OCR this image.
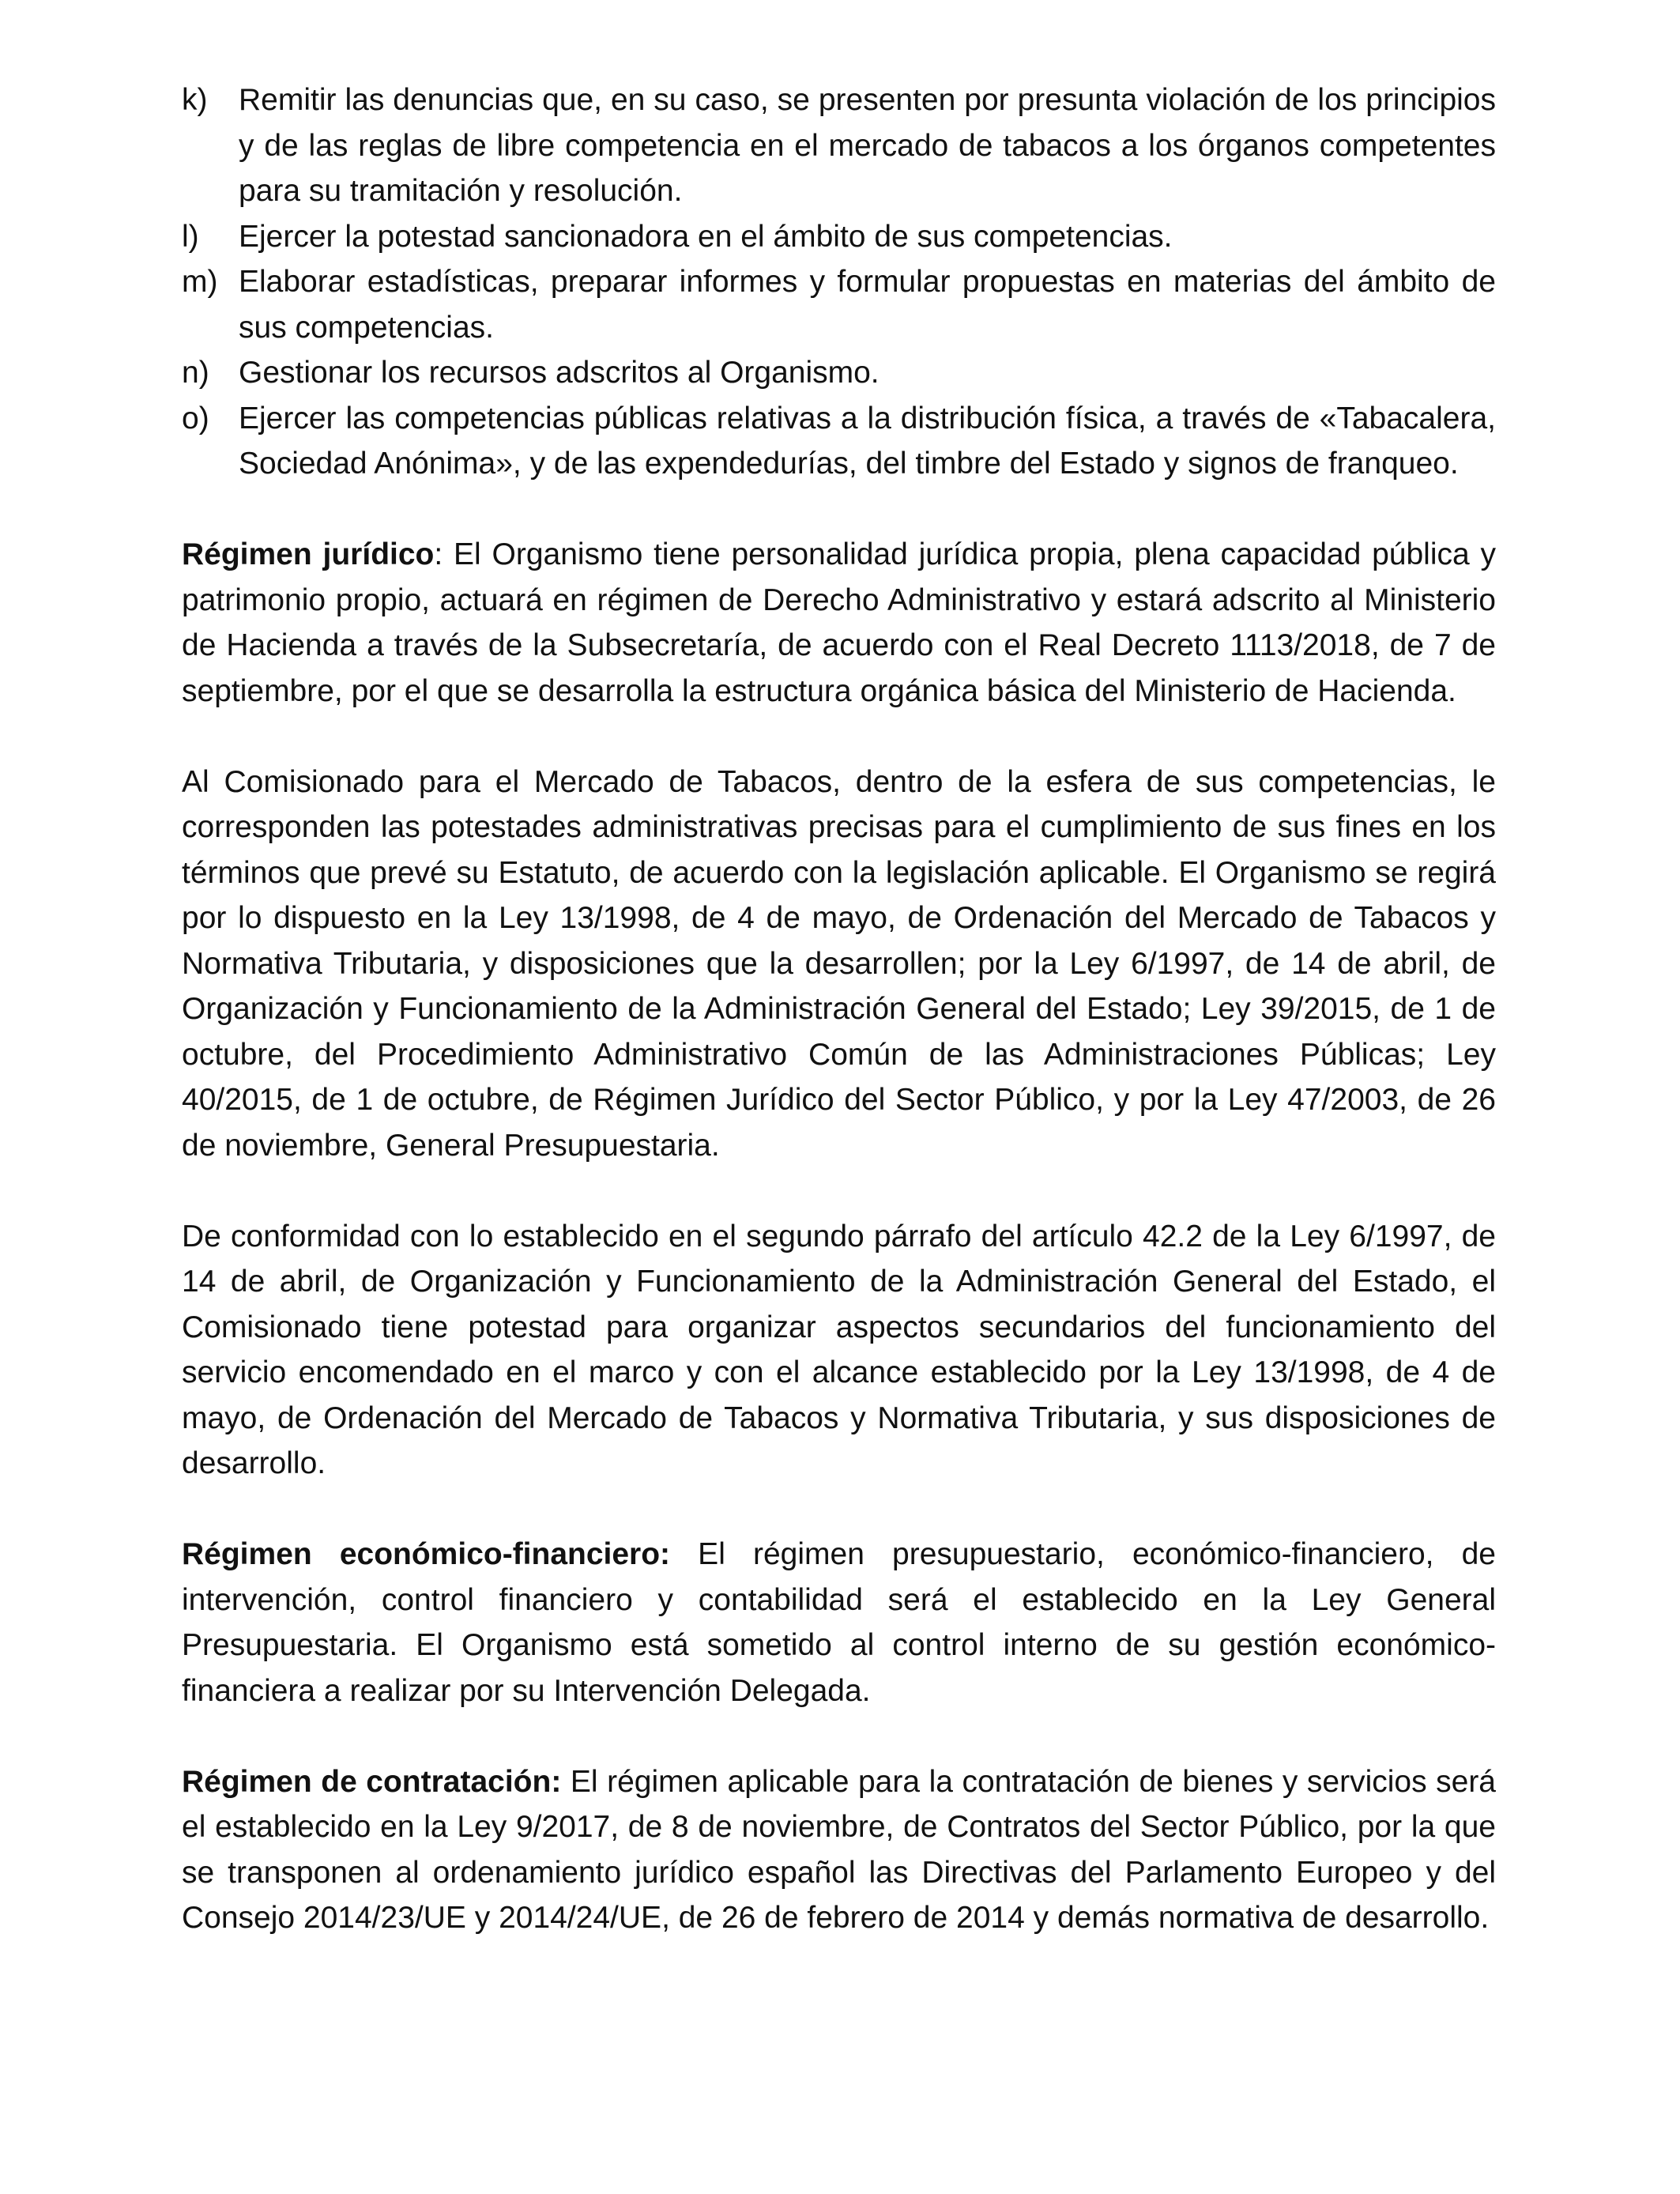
k) Remitir las denuncias que, en su caso, se presenten por presunta violación de los principios y de las reglas de libre competencia en el mercado de tabacos a los órganos competentes para su tramitación y resolución.
l) Ejercer la potestad sancionadora en el ámbito de sus competencias.
m) Elaborar estadísticas, preparar informes y formular propuestas en materias del ámbito de sus competencias.
n) Gestionar los recursos adscritos al Organismo.
o) Ejercer las competencias públicas relativas a la distribución física, a través de «Tabacalera, Sociedad Anónima», y de las expendedurías, del timbre del Estado y signos de franqueo.

Régimen jurídico: El Organismo tiene personalidad jurídica propia, plena capacidad pública y patrimonio propio, actuará en régimen de Derecho Administrativo y estará adscrito al Ministerio de Hacienda a través de la Subsecretaría, de acuerdo con el Real Decreto 1113/2018, de 7 de septiembre, por el que se desarrolla la estructura orgánica básica del Ministerio de Hacienda.

Al Comisionado para el Mercado de Tabacos, dentro de la esfera de sus competencias, le corresponden las potestades administrativas precisas para el cumplimiento de sus fines en los términos que prevé su Estatuto, de acuerdo con la legislación aplicable. El Organismo se regirá por lo dispuesto en la Ley 13/1998, de 4 de mayo, de Ordenación del Mercado de Tabacos y Normativa Tributaria, y disposiciones que la desarrollen; por la Ley 6/1997, de 14 de abril, de Organización y Funcionamiento de la Administración General del Estado; Ley 39/2015, de 1 de octubre, del Procedimiento Administrativo Común de las Administraciones Públicas; Ley 40/2015, de 1 de octubre, de Régimen Jurídico del Sector Público, y por la Ley 47/2003, de 26 de noviembre, General Presupuestaria.

De conformidad con lo establecido en el segundo párrafo del artículo 42.2 de la Ley 6/1997, de 14 de abril, de Organización y Funcionamiento de la Administración General del Estado, el Comisionado tiene potestad para organizar aspectos secundarios del funcionamiento del servicio encomendado en el marco y con el alcance establecido por la Ley 13/1998, de 4 de mayo, de Ordenación del Mercado de Tabacos y Normativa Tributaria, y sus disposiciones de desarrollo.

Régimen económico-financiero: El régimen presupuestario, económico-financiero, de intervención, control financiero y contabilidad será el establecido en la Ley General Presupuestaria. El Organismo está sometido al control interno de su gestión económico-financiera a realizar por su Intervención Delegada.

Régimen de contratación: El régimen aplicable para la contratación de bienes y servicios será el establecido en la Ley 9/2017, de 8 de noviembre, de Contratos del Sector Público, por la que se transponen al ordenamiento jurídico español las Directivas del Parlamento Europeo y del Consejo 2014/23/UE y 2014/24/UE, de 26 de febrero de 2014 y demás normativa de desarrollo.
